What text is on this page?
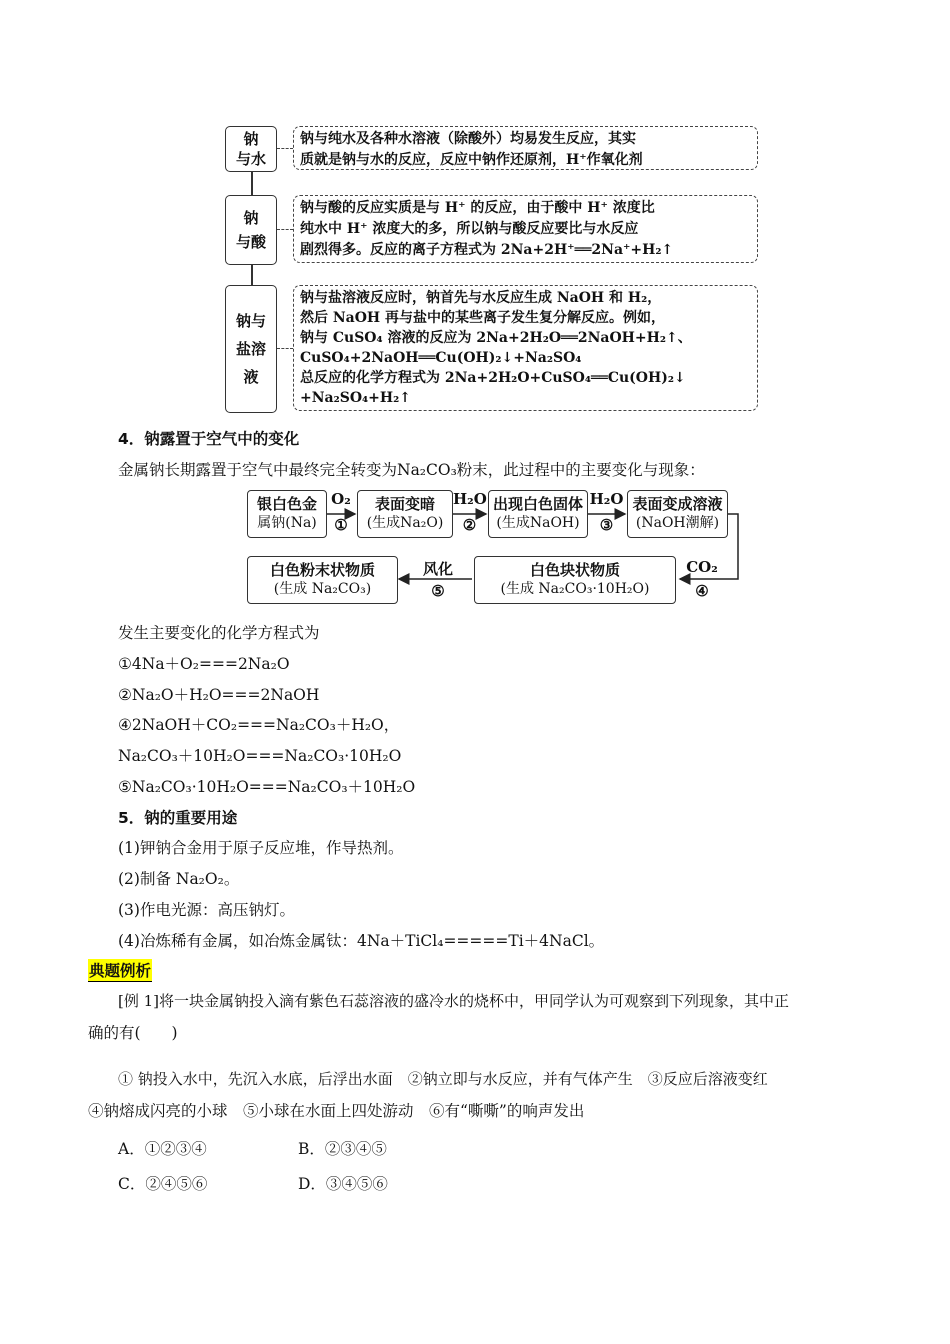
钠
与水
钠与纯水及各种水溶液（除酸外）均易发生反应，其实
质就是钠与水的反应，反应中钠作还原剂，H⁺作氧化剂
钠
与酸
钠与酸的反应实质是与 H⁺ 的反应，由于酸中 H⁺ 浓度比
纯水中 H⁺ 浓度大的多，所以钠与酸反应要比与水反应
剧烈得多。反应的离子方程式为 2Na+2H⁺══2Na⁺+H₂↑
钠与
盐溶
液
钠与盐溶液反应时，钠首先与水反应生成 NaOH 和 H₂，
然后 NaOH 再与盐中的某些离子发生复分解反应。例如，
钠与 CuSO₄ 溶液的反应为 2Na+2H₂O══2NaOH+H₂↑、
CuSO₄+2NaOH══Cu(OH)₂↓+Na₂SO₄
总反应的化学方程式为 2Na+2H₂O+CuSO₄══Cu(OH)₂↓
+Na₂SO₄+H₂↑
4．钠露置于空气中的变化
金属钠长期露置于空气中最终完全转变为Na₂CO₃粉末，此过程中的主要变化与现象：
银白色金
属钠(Na)
表面变暗
(生成Na₂O)
出现白色固体
(生成NaOH)
表面变成溶液
(NaOH潮解)
白色块状物质
(生成 Na₂CO₃·10H₂O)
白色粉末状物质
(生成 Na₂CO₃)
O₂
①
H₂O
②
H₂O
③
CO₂
④
风化
⑤
发生主要变化的化学方程式为
①4Na＋O₂===2Na₂O
②Na₂O＋H₂O===2NaOH
④2NaOH＋CO₂===Na₂CO₃＋H₂O，
Na₂CO₃＋10H₂O===Na₂CO₃·10H₂O
⑤Na₂CO₃·10H₂O===Na₂CO₃＋10H₂O
5．钠的重要用途
(1)钾钠合金用于原子反应堆，作导热剂。
(2)制备 Na₂O₂。
(3)作电光源：高压钠灯。
(4)冶炼稀有金属，如冶炼金属钛：4Na＋TiCl₄=====Ti＋4NaCl。
典题例析
[例 1]将一块金属钠投入滴有紫色石蕊溶液的盛冷水的烧杯中，甲同学认为可观察到下列现象，其中正
确的有(　　)
① 钠投入水中，先沉入水底，后浮出水面　②钠立即与水反应，并有气体产生　③反应后溶液变红
④钠熔成闪亮的小球　⑤小球在水面上四处游动　⑥有“嘶嘶”的响声发出
A．①②③④	B．②③④⑤
C．②④⑤⑥	D．③④⑤⑥
